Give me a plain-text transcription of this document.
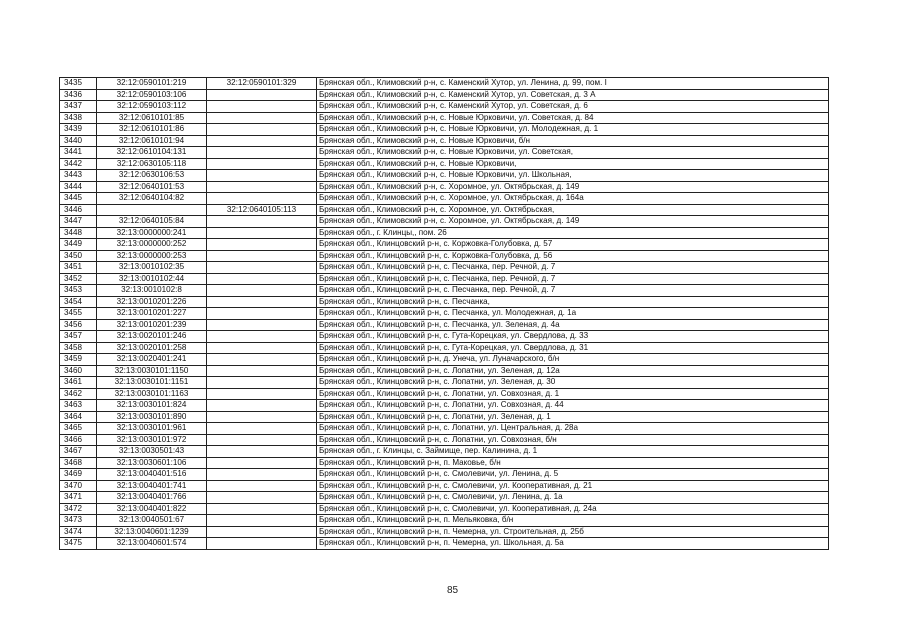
3435	32:12:0590101:219	32:12:0590101:329	Брянская обл., Климовский р-н, с. Каменский Хутор, ул. Ленина, д. 99, пом. I
3436	32:12:0590103:106		Брянская обл., Климовский р-н, с. Каменский Хутор, ул. Советская, д. 3 А
3437	32:12:0590103:112		Брянская обл., Климовский р-н, с. Каменский Хутор, ул. Советская, д. 6
3438	32:12:0610101:85		Брянская обл., Климовский р-н, с. Новые Юрковичи, ул. Советская, д. 84
3439	32:12:0610101:86		Брянская обл., Климовский р-н, с. Новые Юрковичи, ул. Молодежная, д. 1
3440	32:12:0610101:94		Брянская обл., Климовский р-н, с. Новые Юрковичи, б/н
3441	32:12:0610104:131		Брянская обл., Климовский р-н, с. Новые Юрковичи, ул. Советская,
3442	32:12:0630105:118		Брянская обл., Климовский р-н, с. Новые Юрковичи,
3443	32:12:0630106:53		Брянская обл., Климовский р-н, с. Новые Юрковичи, ул. Школьная,
3444	32:12:0640101:53		Брянская обл., Климовский р-н, с. Хоромное, ул. Октябрьская, д. 149
3445	32:12:0640104:82		Брянская обл., Климовский р-н, с. Хоромное, ул. Октябрьская, д. 164а
3446		32:12:0640105:113	Брянская обл., Климовский р-н, с. Хоромное, ул. Октябрьская,
3447	32:12:0640105:84		Брянская обл., Климовский р-н, с. Хоромное, ул. Октябрьская, д. 149
3448	32:13:0000000:241		Брянская обл., г. Клинцы,, пом. 26
3449	32:13:0000000:252		Брянская обл., Клинцовский р-н, с. Коржовка-Голубовка, д. 57
3450	32:13:0000000:253		Брянская обл., Клинцовский р-н, с. Коржовка-Голубовка, д. 56
3451	32:13:0010102:35		Брянская обл., Клинцовский р-н, с. Песчанка, пер. Речной, д. 7
3452	32:13:0010102:44		Брянская обл., Клинцовский р-н, с. Песчанка, пер. Речной, д. 7
3453	32:13:0010102:8		Брянская обл., Клинцовский р-н, с. Песчанка, пер. Речной, д. 7
3454	32:13:0010201:226		Брянская обл., Клинцовский р-н, с. Песчанка,
3455	32:13:0010201:227		Брянская обл., Клинцовский р-н, с. Песчанка, ул. Молодежная, д. 1а
3456	32:13:0010201:239		Брянская обл., Клинцовский р-н, с. Песчанка, ул. Зеленая, д. 4а
3457	32:13:0020101:246		Брянская обл., Клинцовский р-н, с. Гута-Корецкая, ул. Свердлова, д. 33
3458	32:13:0020101:258		Брянская обл., Клинцовский р-н, с. Гута-Корецкая, ул. Свердлова, д. 31
3459	32:13:0020401:241		Брянская обл., Клинцовский р-н, д. Унеча, ул. Луначарского, б/н
3460	32:13:0030101:1150		Брянская обл., Клинцовский р-н, с. Лопатни, ул. Зеленая, д. 12а
3461	32:13:0030101:1151		Брянская обл., Клинцовский р-н, с. Лопатни, ул. Зеленая, д. 30
3462	32:13:0030101:1163		Брянская обл., Клинцовский р-н, с. Лопатни, ул. Совхозная, д. 1
3463	32:13:0030101:824		Брянская обл., Клинцовский р-н, с. Лопатни, ул. Совхозная, д. 44
3464	32:13:0030101:890		Брянская обл., Клинцовский р-н, с. Лопатни, ул. Зеленая, д. 1
3465	32:13:0030101:961		Брянская обл., Клинцовский р-н, с. Лопатни, ул. Центральная, д. 28а
3466	32:13:0030101:972		Брянская обл., Клинцовский р-н, с. Лопатни, ул. Совхозная, б/н
3467	32:13:0030501:43		Брянская обл., г. Клинцы, с. Займище, пер. Калинина, д. 1
3468	32:13:0030601:106		Брянская обл., Клинцовский р-н, п. Маковье, б/н
3469	32:13:0040401:516		Брянская обл., Клинцовский р-н, с. Смолевичи, ул. Ленина, д. 5
3470	32:13:0040401:741		Брянская обл., Клинцовский р-н, с. Смолевичи, ул. Кооперативная, д. 21
3471	32:13:0040401:766		Брянская обл., Клинцовский р-н, с. Смолевичи, ул. Ленина, д. 1а
3472	32:13:0040401:822		Брянская обл., Клинцовский р-н, с. Смолевичи, ул. Кооперативная, д. 24а
3473	32:13:0040501:67		Брянская обл., Клинцовский р-н, п. Мельяковка, б/н
3474	32:13:0040601:1239		Брянская обл., Клинцовский р-н, п. Чемерна, ул. Строительная, д. 25б
3475	32:13:0040601:574		Брянская обл., Клинцовский р-н, п. Чемерна, ул. Школьная, д. 5а
85
